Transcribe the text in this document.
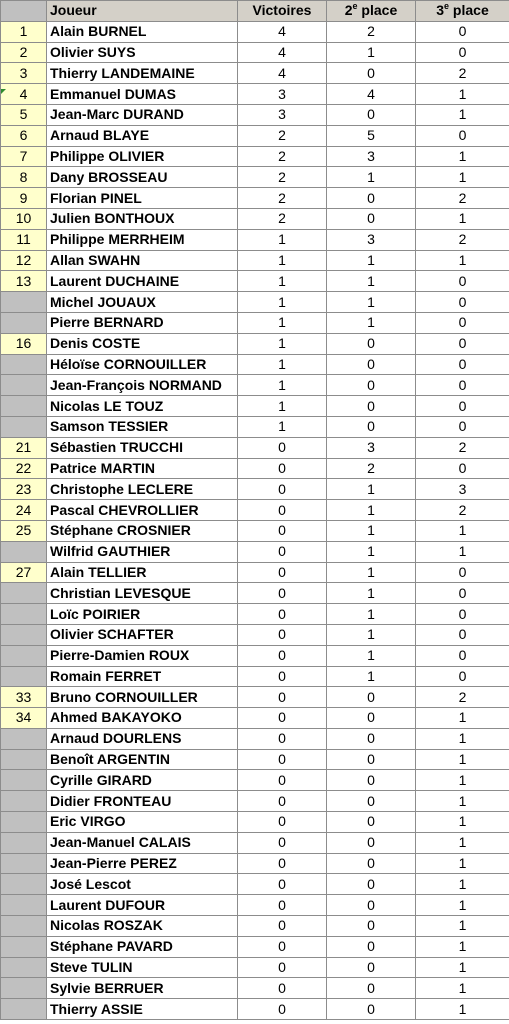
	Joueur	Victoires	2e place	3e place
1	Alain BURNEL	4	2	0
2	Olivier SUYS	4	1	0
3	Thierry LANDEMAINE	4	0	2
4	Emmanuel DUMAS	3	4	1
5	Jean-Marc DURAND	3	0	1
6	Arnaud BLAYE	2	5	0
7	Philippe OLIVIER	2	3	1
8	Dany BROSSEAU	2	1	1
9	Florian PINEL	2	0	2
10	Julien BONTHOUX	2	0	1
11	Philippe MERRHEIM	1	3	2
12	Allan SWAHN	1	1	1
13	Laurent DUCHAINE	1	1	0
	Michel JOUAUX	1	1	0
	Pierre BERNARD	1	1	0
16	Denis COSTE	1	0	0
	Héloïse CORNOUILLER	1	0	0
	Jean-François NORMAND	1	0	0
	Nicolas LE TOUZ	1	0	0
	Samson TESSIER	1	0	0
21	Sébastien TRUCCHI	0	3	2
22	Patrice MARTIN	0	2	0
23	Christophe LECLERE	0	1	3
24	Pascal CHEVROLLIER	0	1	2
25	Stéphane CROSNIER	0	1	1
	Wilfrid GAUTHIER	0	1	1
27	Alain TELLIER	0	1	0
	Christian LEVESQUE	0	1	0
	Loïc POIRIER	0	1	0
	Olivier SCHAFTER	0	1	0
	Pierre-Damien ROUX	0	1	0
	Romain FERRET	0	1	0
33	Bruno CORNOUILLER	0	0	2
34	Ahmed BAKAYOKO	0	0	1
	Arnaud DOURLENS	0	0	1
	Benoît ARGENTIN	0	0	1
	Cyrille GIRARD	0	0	1
	Didier FRONTEAU	0	0	1
	Eric VIRGO	0	0	1
	Jean-Manuel CALAIS	0	0	1
	Jean-Pierre PEREZ	0	0	1
	José Lescot	0	0	1
	Laurent DUFOUR	0	0	1
	Nicolas ROSZAK	0	0	1
	Stéphane PAVARD	0	0	1
	Steve TULIN	0	0	1
	Sylvie BERRUER	0	0	1
	Thierry ASSIE	0	0	1
